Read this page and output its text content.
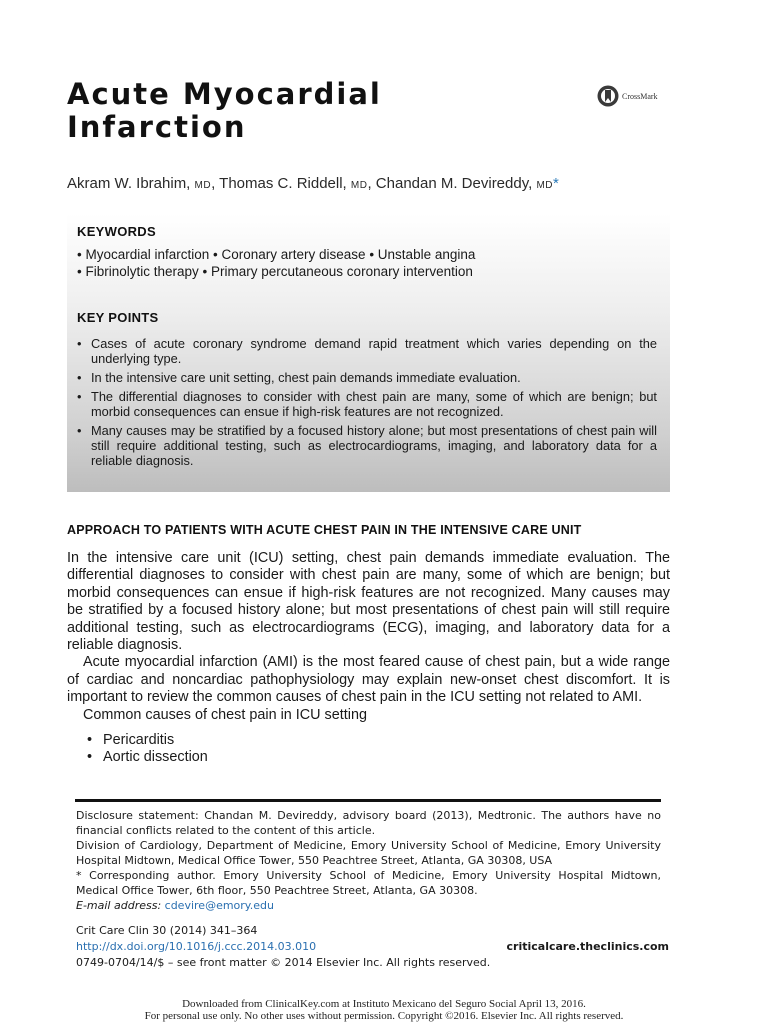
Acute Myocardial
Infarction
CrossMark
Akram W. Ibrahim, MD, Thomas C. Riddell, MD, Chandan M. Devireddy, MD*
KEYWORDS
• Myocardial infarction • Coronary artery disease • Unstable angina
• Fibrinolytic therapy • Primary percutaneous coronary intervention
KEY POINTS
• Cases of acute coronary syndrome demand rapid treatment which varies depending on the underlying type.
• In the intensive care unit setting, chest pain demands immediate evaluation.
• The differential diagnoses to consider with chest pain are many, some of which are benign; but morbid consequences can ensue if high-risk features are not recognized.
• Many causes may be stratified by a focused history alone; but most presentations of chest pain will still require additional testing, such as electrocardiograms, imaging, and laboratory data for a reliable diagnosis.
APPROACH TO PATIENTS WITH ACUTE CHEST PAIN IN THE INTENSIVE CARE UNIT

In the intensive care unit (ICU) setting, chest pain demands immediate evaluation. The differential diagnoses to consider with chest pain are many, some of which are benign; but morbid consequences can ensue if high-risk features are not recognized. Many causes may be stratified by a focused history alone; but most presentations of chest pain will still require additional testing, such as electrocardiograms (ECG), imaging, and laboratory data for a reliable diagnosis.

Acute myocardial infarction (AMI) is the most feared cause of chest pain, but a wide range of cardiac and noncardiac pathophysiology may explain new-onset chest discomfort. It is important to review the common causes of chest pain in the ICU setting not related to AMI.

Common causes of chest pain in ICU setting

• Pericarditis
• Aortic dissection

Disclosure statement: Chandan M. Devireddy, advisory board (2013), Medtronic. The authors have no financial conflicts related to the content of this article.

Division of Cardiology, Department of Medicine, Emory University School of Medicine, Emory University Hospital Midtown, Medical Office Tower, 550 Peachtree Street, Atlanta, GA 30308, USA

* Corresponding author. Emory University School of Medicine, Emory University Hospital Midtown, Medical Office Tower, 6th floor, 550 Peachtree Street, Atlanta, GA 30308.

E-mail address: cdevire@emory.edu

Crit Care Clin 30 (2014) 341–364
http://dx.doi.org/10.1016/j.ccc.2014.03.010	criticalcare.theclinics.com
0749-0704/14/$ – see front matter © 2014 Elsevier Inc. All rights reserved.
Downloaded from ClinicalKey.com at Instituto Mexicano del Seguro Social April 13, 2016.
For personal use only. No other uses without permission. Copyright ©2016. Elsevier Inc. All rights reserved.
